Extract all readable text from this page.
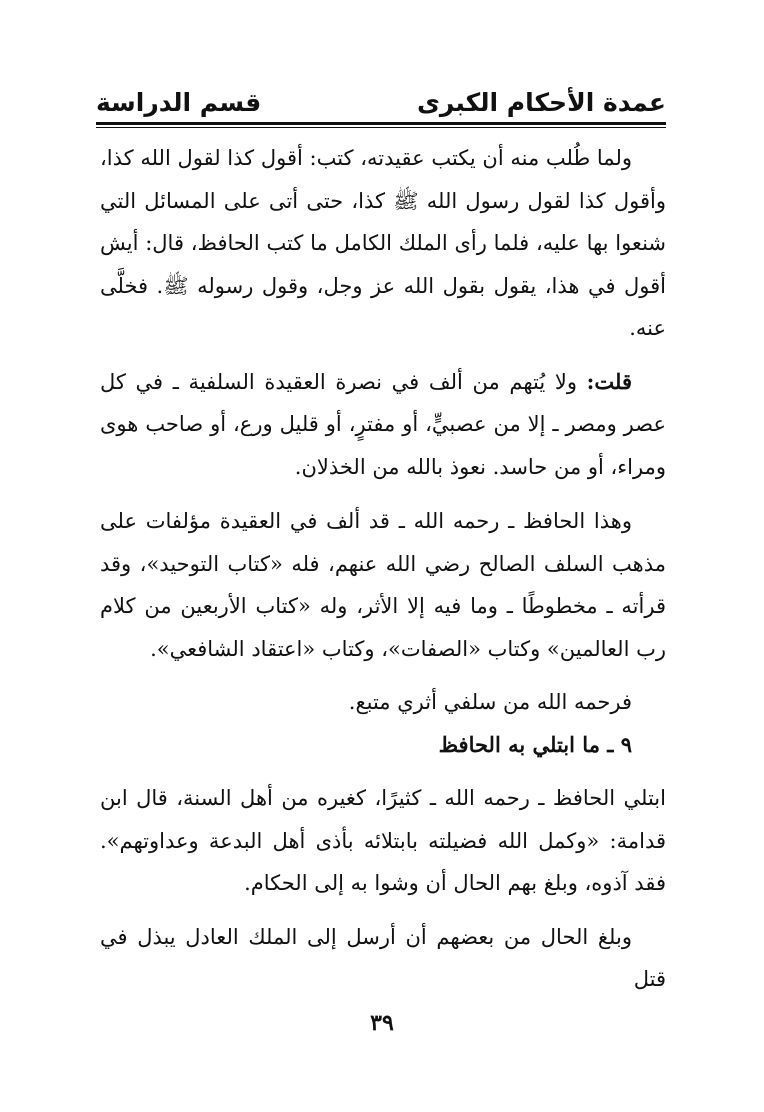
عمدة الأحكام الكبرى
قسم الدراسة

ولما طُلب منه أن يكتب عقيدته، كتب: أقول كذا لقول الله كذا، وأقول كذا لقول رسول الله ﷺ كذا، حتى أتى على المسائل التي شنعوا بها عليه، فلما رأى الملك الكامل ما كتب الحافظ، قال: أيش أقول في هذا، يقول بقول الله عز وجل، وقول رسوله ﷺ. فخلَّى عنه.

قلت: ولا يُتهم من ألف في نصرة العقيدة السلفية ـ في كل عصر ومصر ـ إلا من عصبيٍّ، أو مفترٍ، أو قليل ورع، أو صاحب هوى ومراء، أو من حاسد. نعوذ بالله من الخذلان.

وهذا الحافظ ـ رحمه الله ـ قد ألف في العقيدة مؤلفات على مذهب السلف الصالح رضي الله عنهم، فله «كتاب التوحيد»، وقد قرأته ـ مخطوطًا ـ وما فيه إلا الأثر، وله «كتاب الأربعين من كلام رب العالمين» وكتاب «الصفات»، وكتاب «اعتقاد الشافعي».

فرحمه الله من سلفي أثري متبع.

٩ ـ ما ابتلي به الحافظ

ابتلي الحافظ ـ رحمه الله ـ كثيرًا، كغيره من أهل السنة، قال ابن قدامة: «وكمل الله فضيلته بابتلائه بأذى أهل البدعة وعداوتهم». فقد آذوه، وبلغ بهم الحال أن وشوا به إلى الحكام.

وبلغ الحال من بعضهم أن أرسل إلى الملك العادل يبذل في قتل

٣٩
